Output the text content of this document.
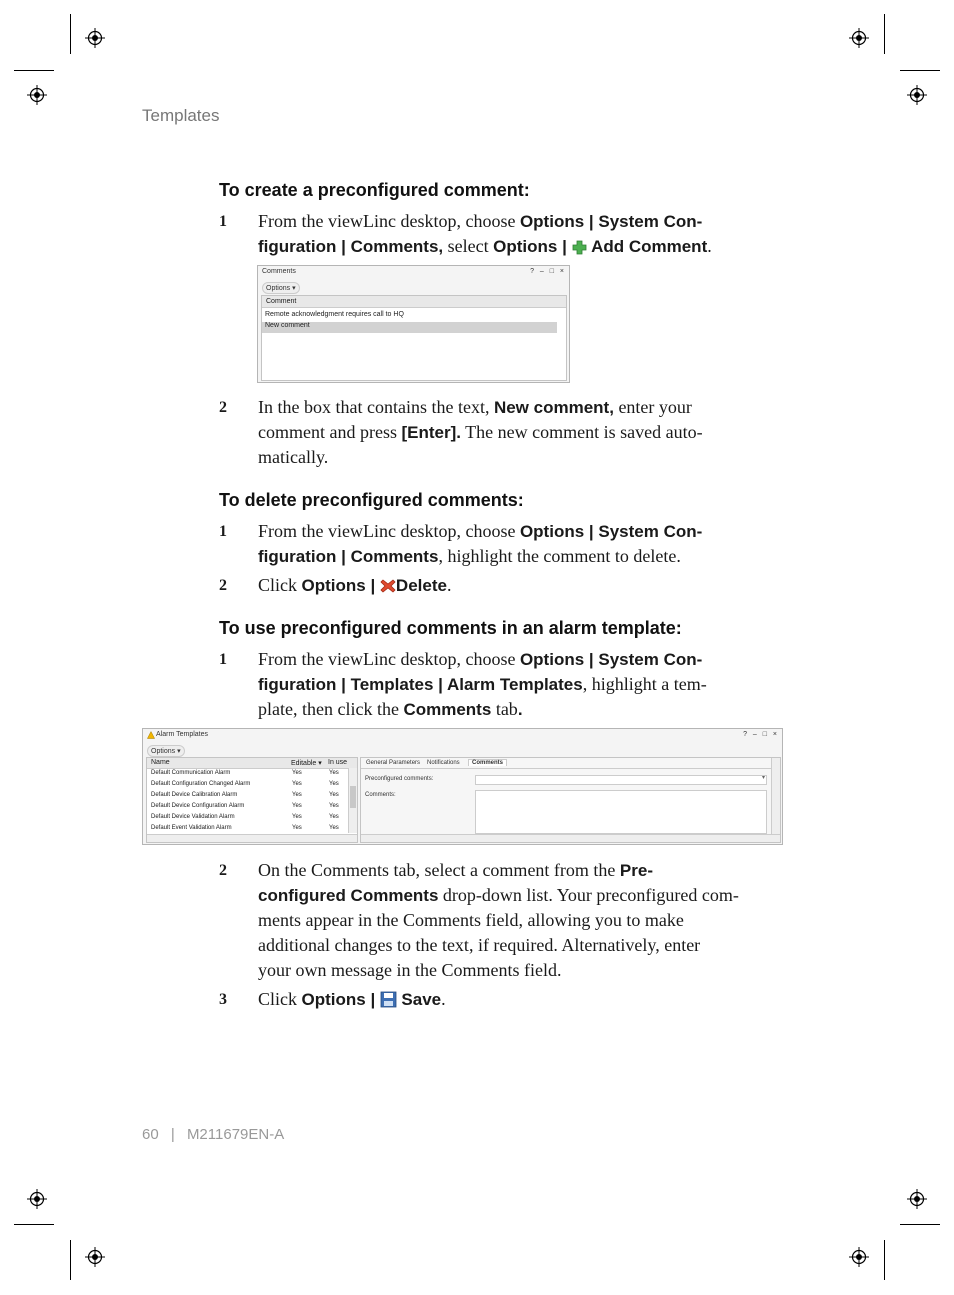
Templates
To create a preconfigured comment:
1	From the viewLinc desktop, choose Options | System Con-
figuration | Comments, select Options |  Add Comment.
Comments	? – □ ×
Options ▾
Comment
Remote acknowledgment requires call to HQ
New comment
2	In the box that contains the text, New comment, enter your
comment and press [Enter]. The new comment is saved auto-
matically.
To delete preconfigured comments:
1	From the viewLinc desktop, choose Options | System Con-
figuration | Comments, highlight the comment to delete.
2	Click Options | Delete.
To use preconfigured comments in an alarm template:
1	From the viewLinc desktop, choose Options | System Con-
figuration | Templates | Alarm Templates, highlight a tem-
plate, then click the Comments tab.
Alarm Templates	? – □ ×
Options ▾
Name	Editable ▾ In use
Default Communication Alarm	Yes	Yes
Default Configuration Changed Alarm	Yes	Yes
Default Device Calibration Alarm	Yes	Yes
Default Device Configuration Alarm	Yes	Yes
Default Device Validation Alarm	Yes	Yes
Default Event Validation Alarm	Yes	Yes
General Parameters Notifications	Comments
Preconfigured comments:	▾
Comments:
2	On the Comments tab, select a comment from the Pre-
configured Comments drop-down list. Your preconfigured com-
ments appear in the Comments field, allowing you to make
additional changes to the text, if required. Alternatively, enter
your own message in the Comments field.
3	Click Options |  Save.
60 | M211679EN-A
